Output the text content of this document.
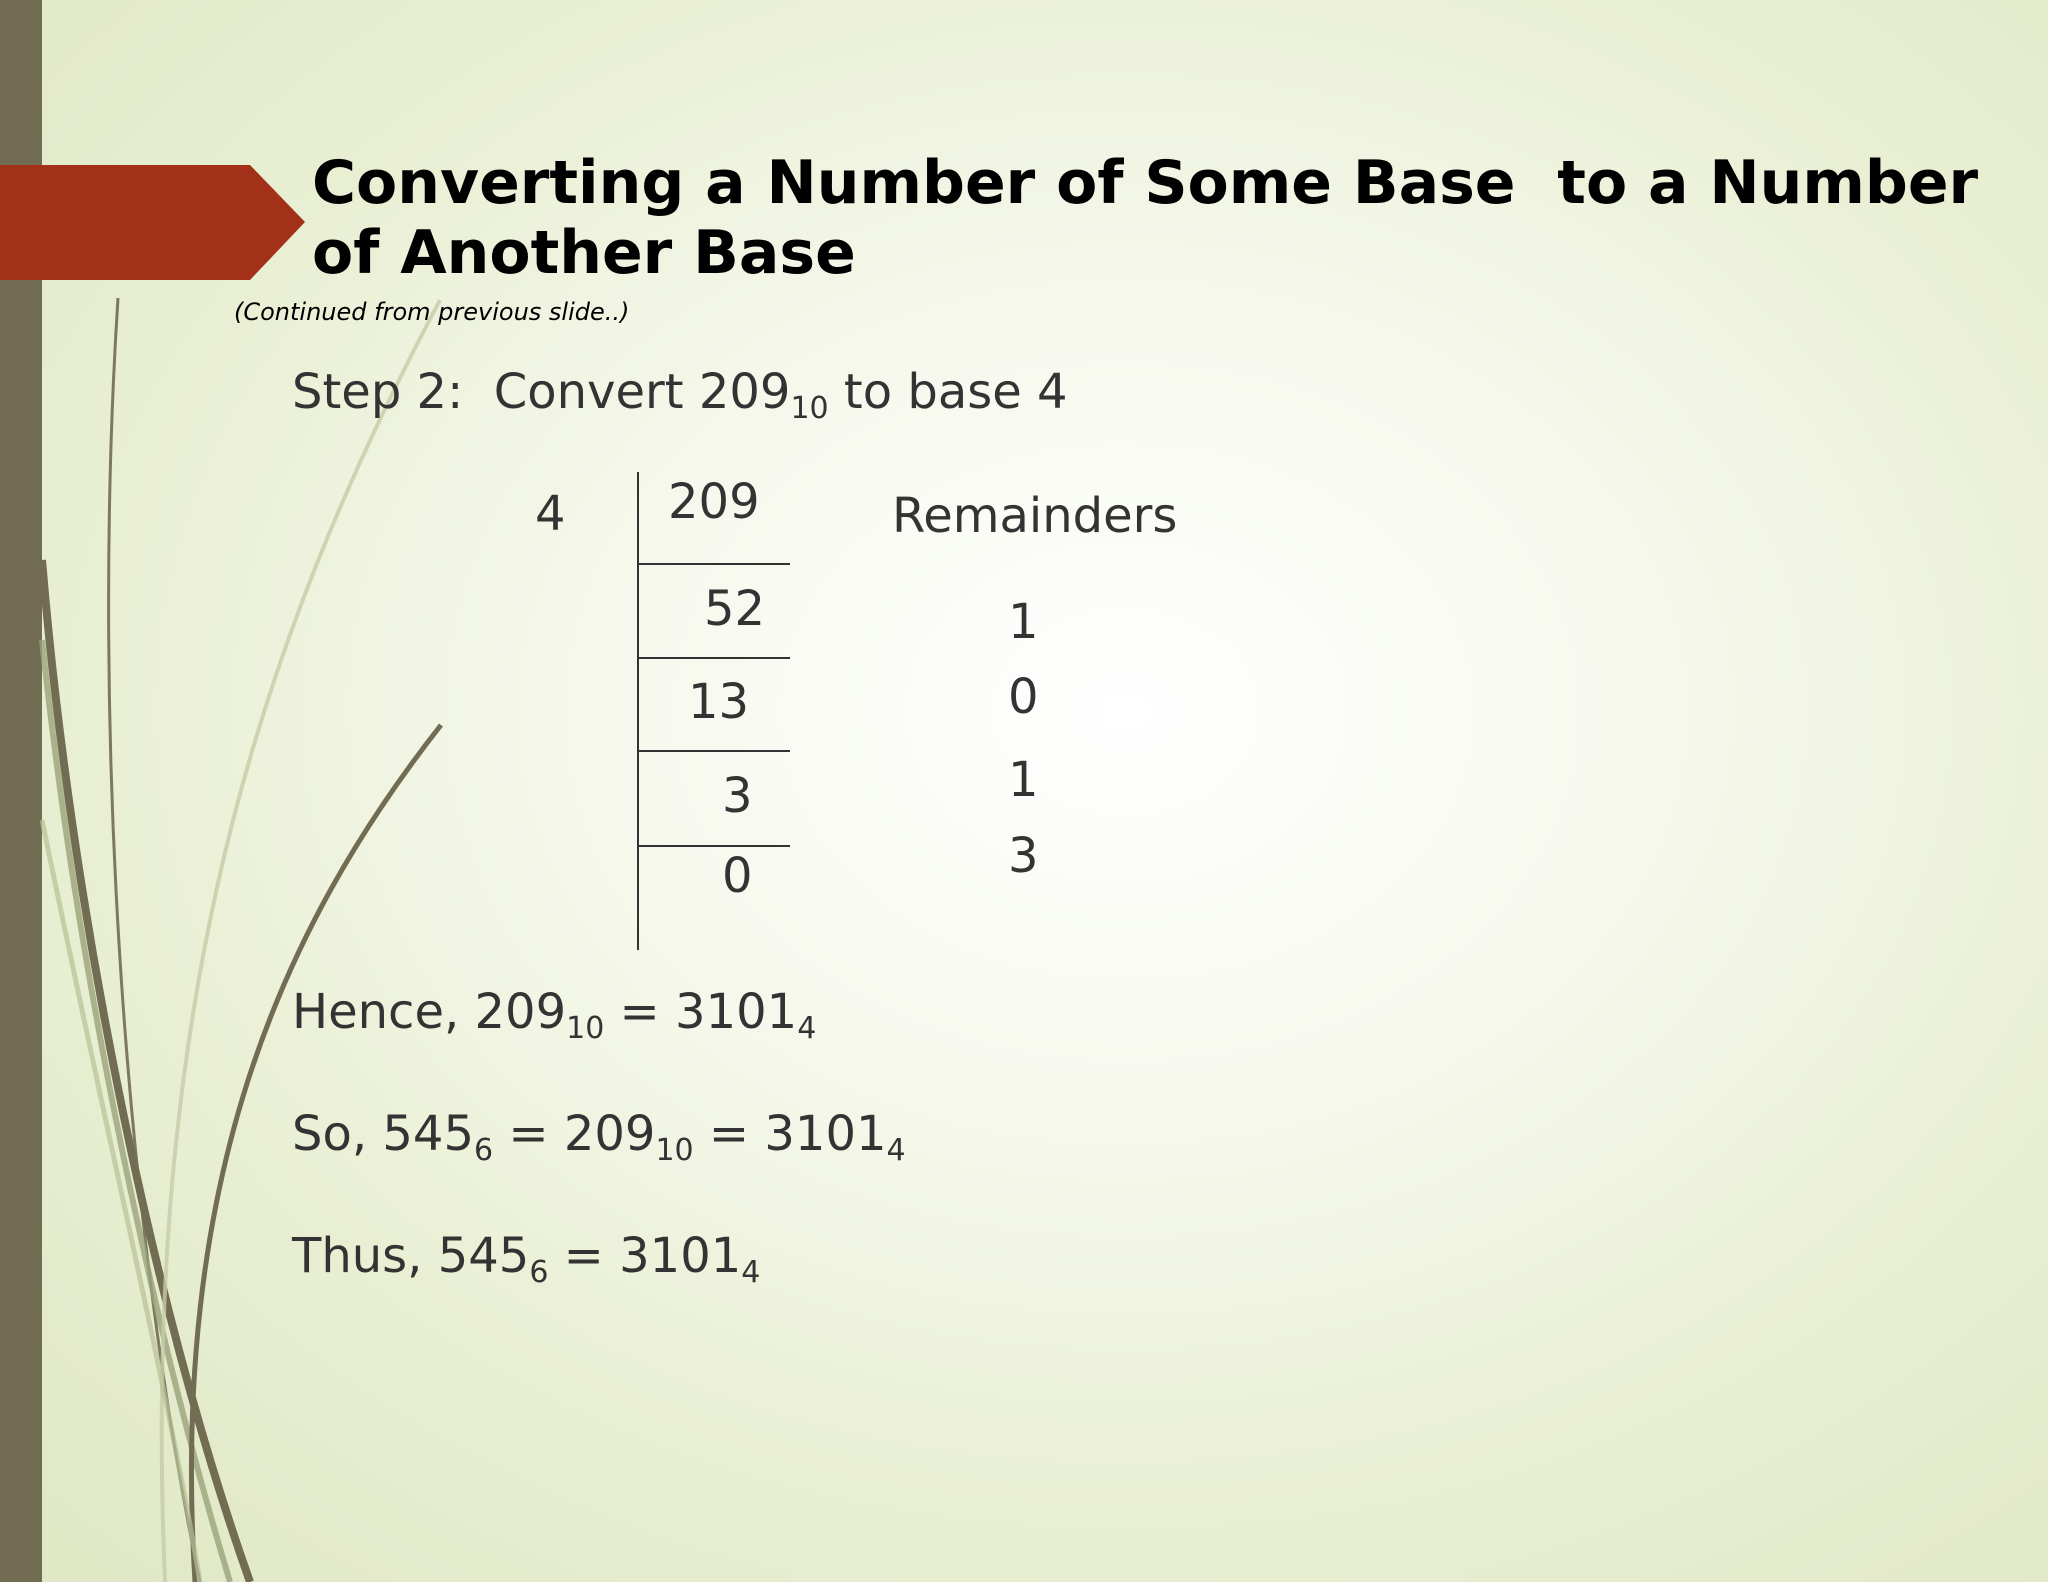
Converting a Number of Some Base  to a Number
of Another Base
(Continued from previous slide..)
Step 2: Convert $209_{10}$ to base 4
4 209
52
13
3
0
Remainders
1
0
1
3
Hence, $209_{10} = 3101_4$
So, $545_6 = 209_{10} = 3101_4$
Thus, $545_6 = 3101_4$
